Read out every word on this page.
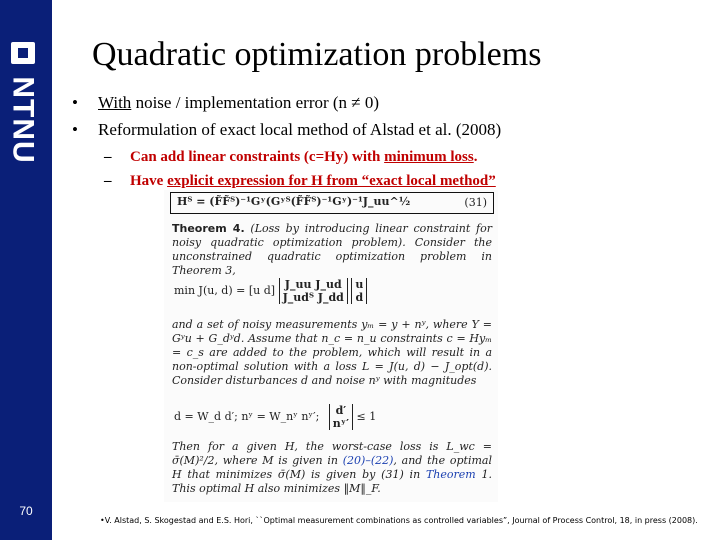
NTNU
70
Quadratic optimization problems
• With noise / implementation error (n ≠ 0)
• Reformulation of exact local method of Alstad et al. (2008)
– Can add linear constraints (c=Hy) with minimum loss.
– Have explicit expression for H from “exact local method”
Hᵀ = (F̃F̃ᵀ)⁻¹Gʸ(Gʸᵀ(F̃F̃ᵀ)⁻¹Gʸ)⁻¹J_uu^½	(31)
Theorem 4. (Loss by introducing linear constraint for noisy quadratic optimization problem). Consider the unconstrained quadratic optimization problem in Theorem 3,
min J(u, d) = [u d] J_uu J_ud
J_udᵀ J_dd u
d
and a set of noisy measurements yₘ = y + nʸ, where Y = Gʸu + G_dʸd. Assume that n_c = n_u constraints c = Hyₘ = c_s are added to the problem, which will result in a non-optimal solution with a loss L = J(u, d) − J_opt(d). Consider disturbances d and noise nʸ with magnitudes
d = W_d d′; nʸ = W_nʸ nʸ′; d′
nʸ′ ≤ 1
Then for a given H, the worst-case loss is L_wc = σ̄(M)²/2, where M is given in (20)–(22), and the optimal H that minimizes σ̄(M) is given by (31) in Theorem 1. This optimal H also minimizes ‖M‖_F.
•V. Alstad, S. Skogestad and E.S. Hori, ``Optimal measurement combinations as controlled variables”, Journal of Process Control, 18, in press (2008).
